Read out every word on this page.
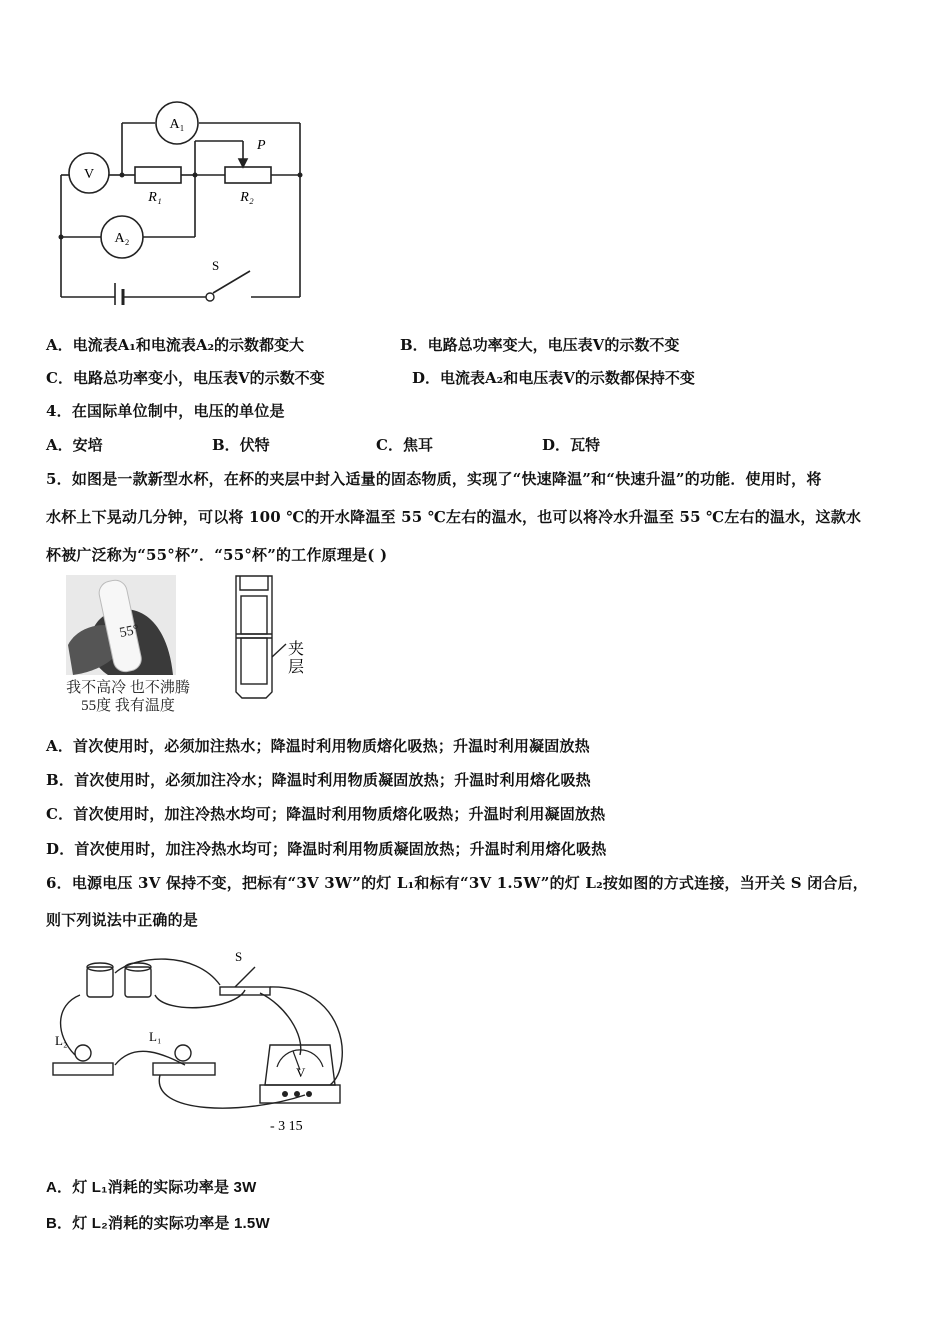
A₁
V
A₂
R₁	R₂
P
S
A．电流表A₁和电流表A₂的示数都变大	B．电路总功率变大，电压表V的示数不变
C．电路总功率变小，电压表V的示数不变	D．电流表A₂和电压表V的示数都保持不变
4．在国际单位制中，电压的单位是
A．安培	B．伏特	C．焦耳	D．瓦特
5．如图是一款新型水杯，在杯的夹层中封入适量的固态物质，实现了“快速降温”和“快速升温”的功能．使用时，将
水杯上下晃动几分钟，可以将 100 ℃的开水降温至 55 ℃左右的温水，也可以将冷水升温至 55 ℃左右的温水，这款水
杯被广泛称为“55°杯”．“55°杯”的工作原理是( )
55°
我不高冷 也不沸腾
55度 我有温度
夹
层
A．首次使用时，必须加注热水；降温时利用物质熔化吸热；升温时利用凝固放热
B．首次使用时，必须加注冷水；降温时利用物质凝固放热；升温时利用熔化吸热
C．首次使用时，加注冷热水均可；降温时利用物质熔化吸热；升温时利用凝固放热
D．首次使用时，加注冷热水均可；降温时利用物质凝固放热；升温时利用熔化吸热
6．电源电压 3V 保持不变，把标有“3V 3W”的灯 L₁和标有“3V 1.5W”的灯 L₂按如图的方式连接，当开关 S 闭合后，
则下列说法中正确的是
S
L₂	L₁
V
- 3 15
A．灯 L₁消耗的实际功率是 3W
B．灯 L₂消耗的实际功率是 1.5W
